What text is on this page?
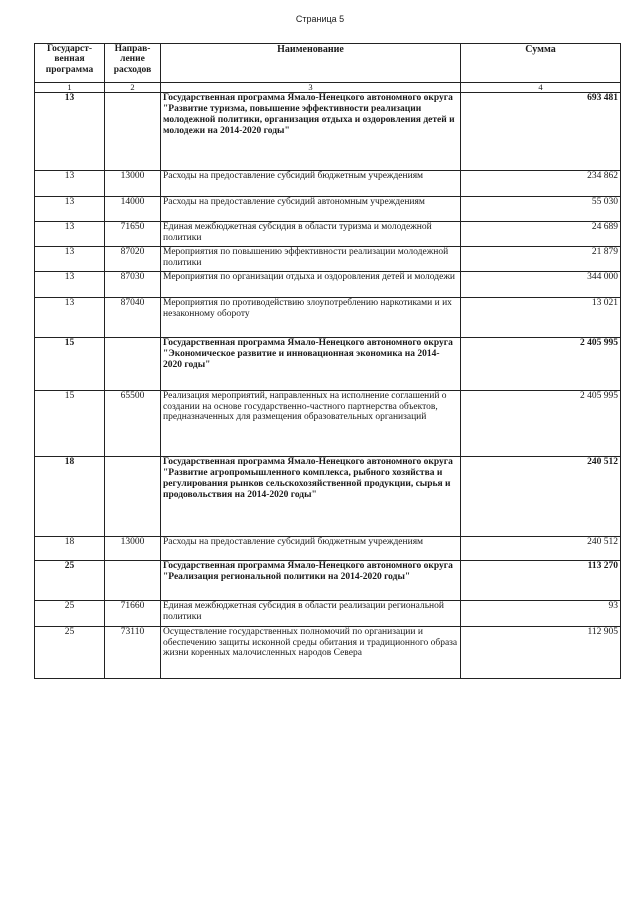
Страница 5
Государст-венная программа	Направ-ление расходов	Наименование	Сумма
1	2	3	4
13		Государственная программа Ямало-Ненецкого автономного округа "Развитие туризма, повышение эффективности реализации молодежной политики, организация отдыха и оздоровления детей и молодежи на 2014-2020 годы"	693 481
13	13000	Расходы на предоставление субсидий бюджетным учреждениям	234 862
13	14000	Расходы на предоставление субсидий автономным учреждениям	55 030
13	71650	Единая межбюджетная субсидия в области туризма и молодежной политики	24 689
13	87020	Мероприятия по повышению эффективности реализации молодежной политики	21 879
13	87030	Мероприятия по организации отдыха и оздоровления детей и молодежи	344 000
13	87040	Мероприятия по противодействию злоупотреблению наркотиками и их незаконному обороту	13 021
15		Государственная программа Ямало-Ненецкого автономного округа "Экономическое развитие и инновационная экономика на 2014-2020 годы"	2 405 995
15	65500	Реализация мероприятий, направленных на исполнение соглашений о создании на основе государственно-частного партнерства объектов, предназначенных для размещения образовательных организаций	2 405 995
18		Государственная программа Ямало-Ненецкого автономного округа "Развитие агропромышленного комплекса, рыбного хозяйства и регулирования рынков сельскохозяйственной продукции, сырья и продовольствия на 2014-2020 годы"	240 512
18	13000	Расходы на предоставление субсидий бюджетным учреждениям	240 512
25		Государственная программа Ямало-Ненецкого автономного округа "Реализация региональной политики на 2014-2020 годы"	113 270
25	71660	Единая межбюджетная субсидия в области реализации региональной политики	93
25	73110	Осуществление государственных полномочий по организации и обеспечению защиты исконной среды обитания и традиционного образа жизни коренных малочисленных народов Севера	112 905
